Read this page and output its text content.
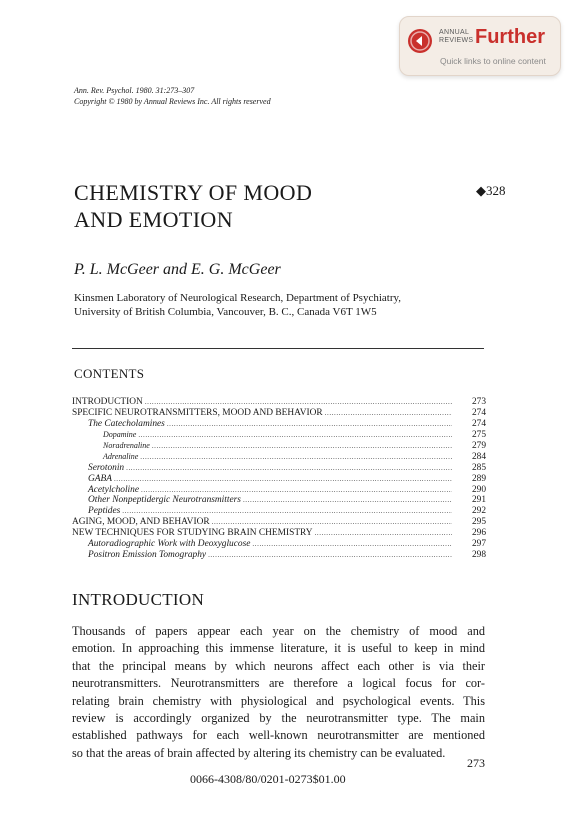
ANNUAL REVIEWS Further
Quick links to online content
Ann. Rev. Psychol. 1980. 31:273–307
Copyright © 1980 by Annual Reviews Inc. All rights reserved
CHEMISTRY OF MOOD
AND EMOTION
◆328
P. L. McGeer and E. G. McGeer
Kinsmen Laboratory of Neurological Research, Department of Psychiatry,
University of British Columbia, Vancouver, B. C., Canada V6T 1W5
CONTENTS
INTRODUCTION .....	273
SPECIFIC NEUROTRANSMITTERS, MOOD AND BEHAVIOR .....	274
The Catecholamines .....	274
Dopamine .....	275
Noradrenaline .....	279
Adrenaline .....	284
Serotonin .....	285
GABA .....	289
Acetylcholine .....	290
Other Nonpeptidergic Neurotransmitters .....	291
Peptides .....	292
AGING, MOOD, AND BEHAVIOR .....	295
NEW TECHNIQUES FOR STUDYING BRAIN CHEMISTRY .....	296
Autoradiographic Work with Deoxyglucose .....	297
Positron Emission Tomography .....	298
INTRODUCTION
Thousands of papers appear each year on the chemistry of mood and
emotion. In approaching this immense literature, it is useful to keep in mind
that the principal means by which neurons affect each other is via their
neurotransmitters. Neurotransmitters are therefore a logical focus for cor-
relating brain chemistry with physiological and psychological events. This
review is accordingly organized by the neurotransmitter type. The main
established pathways for each well-known neurotransmitter are mentioned
so that the areas of brain affected by altering its chemistry can be evaluated.
273
0066-4308/80/0201-0273$01.00
